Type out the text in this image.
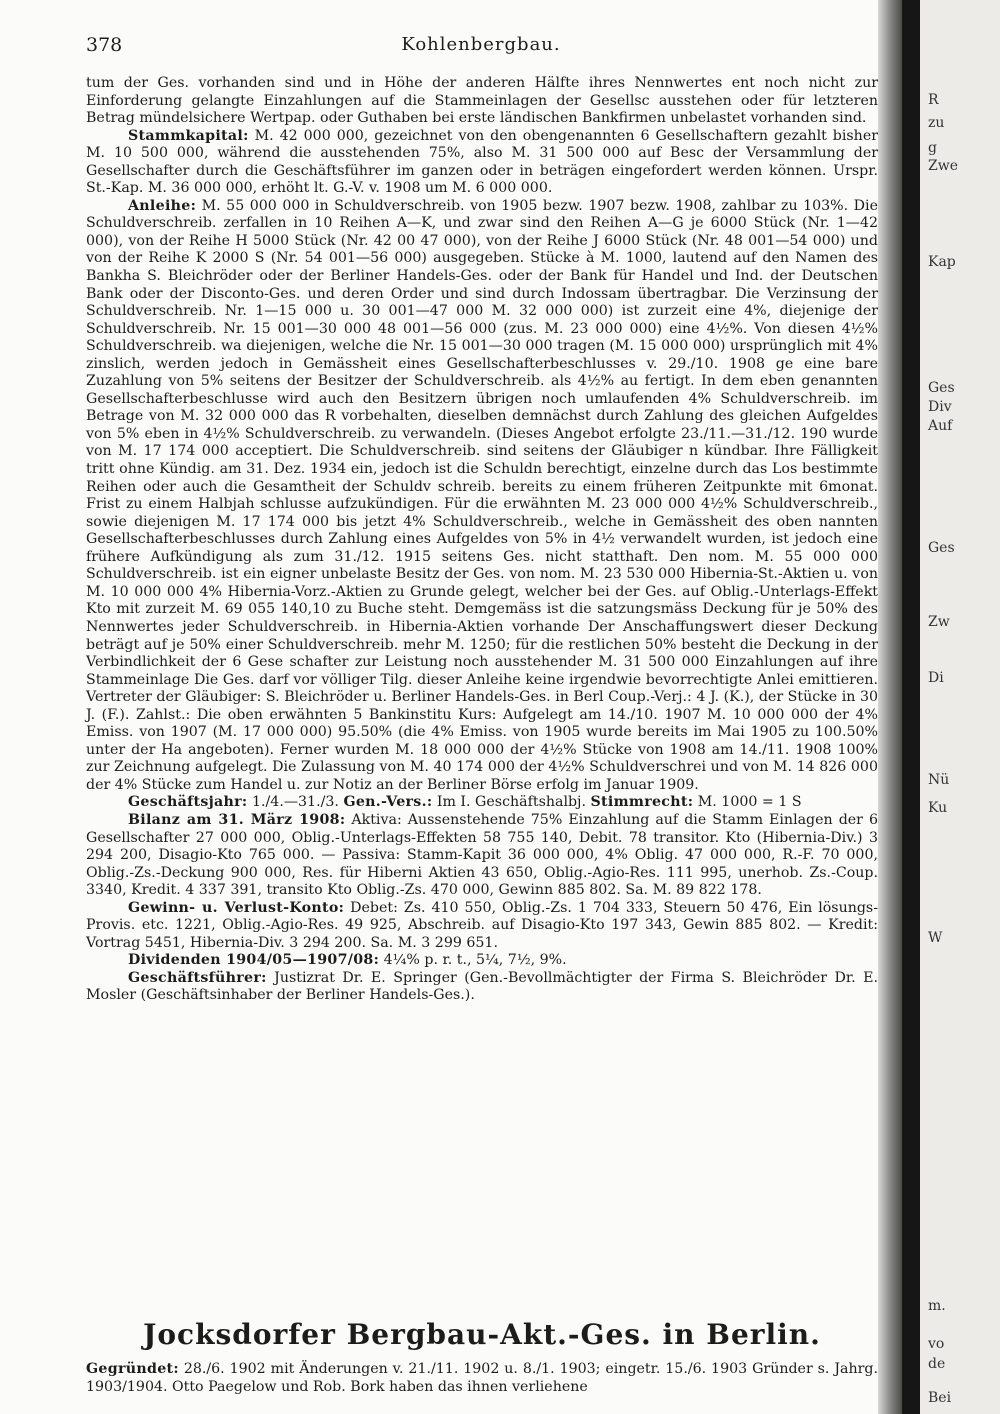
378	Kohlenbergbau.

tum der Ges. vorhanden sind und in Höhe der anderen Hälfte ihres Nennwertes ent noch nicht zur Einforderung gelangte Einzahlungen auf die Stammeinlagen der Gesellsc ausstehen oder für letzteren Betrag mündelsichere Wertpap. oder Guthaben bei erste ländischen Bankfirmen unbelastet vorhanden sind.

Stammkapital: M. 42 000 000, gezeichnet von den obengenannten 6 Gesellschaftern gezahlt bisher M. 10 500 000, während die ausstehenden 75%, also M. 31 500 000 auf Besc der Versammlung der Gesellschafter durch die Geschäftsführer im ganzen oder in beträgen eingefordert werden können. Urspr. St.-Kap. M. 36 000 000, erhöht lt. G.-V. v. 1908 um M. 6 000 000.

Anleihe: M. 55 000 000 in Schuldverschreib. von 1905 bezw. 1907 bezw. 1908, zahlbar zu 103%. Die Schuldverschreib. zerfallen in 10 Reihen A—K, und zwar sind den Reihen A—G je 6000 Stück (Nr. 1—42 000), von der Reihe H 5000 Stück (Nr. 42 00 47 000), von der Reihe J 6000 Stück (Nr. 48 001—54 000) und von der Reihe K 2000 S (Nr. 54 001—56 000) ausgegeben. Stücke à M. 1000, lautend auf den Namen des Bankha S. Bleichröder oder der Berliner Handels-Ges. oder der Bank für Handel und Ind. der Deutschen Bank oder der Disconto-Ges. und deren Order und sind durch Indossam übertragbar. Die Verzinsung der Schuldverschreib. Nr. 1—15 000 u. 30 001—47 000 M. 32 000 000) ist zurzeit eine 4%, diejenige der Schuldverschreib. Nr. 15 001—30 000 48 001—56 000 (zus. M. 23 000 000) eine 4½%. Von diesen 4½% Schuldverschreib. wa diejenigen, welche die Nr. 15 001—30 000 tragen (M. 15 000 000) ursprünglich mit 4% zinslich, werden jedoch in Gemässheit eines Gesellschafterbeschlusses v. 29./10. 1908 ge eine bare Zuzahlung von 5% seitens der Besitzer der Schuldverschreib. als 4½% au fertigt. In dem eben genannten Gesellschafterbeschlusse wird auch den Besitzern übrigen noch umlaufenden 4% Schuldverschreib. im Betrage von M. 32 000 000 das R vorbehalten, dieselben demnächst durch Zahlung des gleichen Aufgeldes von 5% eben in 4½% Schuldverschreib. zu verwandeln. (Dieses Angebot erfolgte 23./11.—31./12. 190 wurde von M. 17 174 000 acceptiert. Die Schuldverschreib. sind seitens der Gläubiger n kündbar. Ihre Fälligkeit tritt ohne Kündig. am 31. Dez. 1934 ein, jedoch ist die Schuldn berechtigt, einzelne durch das Los bestimmte Reihen oder auch die Gesamtheit der Schuldv schreib. bereits zu einem früheren Zeitpunkte mit 6monat. Frist zu einem Halbjah schlusse aufzukündigen. Für die erwähnten M. 23 000 000 4½% Schuldverschreib., sowie diejenigen M. 17 174 000 bis jetzt 4% Schuldverschreib., welche in Gemässheit des oben nannten Gesellschafterbeschlusses durch Zahlung eines Aufgeldes von 5% in 4½ verwandelt wurden, ist jedoch eine frühere Aufkündigung als zum 31./12. 1915 seitens Ges. nicht statthaft. Den nom. M. 55 000 000 Schuldverschreib. ist ein eigner unbelaste Besitz der Ges. von nom. M. 23 530 000 Hibernia-St.-Aktien u. von M. 10 000 000 4% Hibernia-Vorz.-Aktien zu Grunde gelegt, welcher bei der Ges. auf Oblig.-Unterlags-Effekt Kto mit zurzeit M. 69 055 140,10 zu Buche steht. Demgemäss ist die satzungsmäss Deckung für je 50% des Nennwertes jeder Schuldverschreib. in Hibernia-Aktien vorhande Der Anschaffungswert dieser Deckung beträgt auf je 50% einer Schuldverschreib. mehr M. 1250; für die restlichen 50% besteht die Deckung in der Verbindlichkeit der 6 Gese schafter zur Leistung noch ausstehender M. 31 500 000 Einzahlungen auf ihre Stammeinlage Die Ges. darf vor völliger Tilg. dieser Anleihe keine irgendwie bevorrechtigte Anlei emittieren. Vertreter der Gläubiger: S. Bleichröder u. Berliner Handels-Ges. in Berl Coup.-Verj.: 4 J. (K.), der Stücke in 30 J. (F.). Zahlst.: Die oben erwähnten 5 Bankinstitu Kurs: Aufgelegt am 14./10. 1907 M. 10 000 000 der 4% Emiss. von 1907 (M. 17 000 000) 95.50% (die 4% Emiss. von 1905 wurde bereits im Mai 1905 zu 100.50% unter der Ha angeboten). Ferner wurden M. 18 000 000 der 4½% Stücke von 1908 am 14./11. 1908 100% zur Zeichnung aufgelegt. Die Zulassung von M. 40 174 000 der 4½% Schuldverschrei und von M. 14 826 000 der 4% Stücke zum Handel u. zur Notiz an der Berliner Börse erfolg im Januar 1909.

Geschäftsjahr: 1./4.—31./3. Gen.-Vers.: Im I. Geschäftshalbj. Stimmrecht: M. 1000 = 1 S

Bilanz am 31. März 1908: Aktiva: Aussenstehende 75% Einzahlung auf die Stamm Einlagen der 6 Gesellschafter 27 000 000, Oblig.-Unterlags-Effekten 58 755 140, Debit. 78 transitor. Kto (Hibernia-Div.) 3 294 200, Disagio-Kto 765 000. — Passiva: Stamm-Kapit 36 000 000, 4% Oblig. 47 000 000, R.-F. 70 000, Oblig.-Zs.-Deckung 900 000, Res. für Hiberni Aktien 43 650, Oblig.-Agio-Res. 111 995, unerhob. Zs.-Coup. 3340, Kredit. 4 337 391, transito Kto Oblig.-Zs. 470 000, Gewinn 885 802. Sa. M. 89 822 178.

Gewinn- u. Verlust-Konto: Debet: Zs. 410 550, Oblig.-Zs. 1 704 333, Steuern 50 476, Ein lösungs-Provis. etc. 1221, Oblig.-Agio-Res. 49 925, Abschreib. auf Disagio-Kto 197 343, Gewin 885 802. — Kredit: Vortrag 5451, Hibernia-Div. 3 294 200. Sa. M. 3 299 651.

Dividenden 1904/05—1907/08: 4¼% p. r. t., 5¼, 7½, 9%.

Geschäftsführer: Justizrat Dr. E. Springer (Gen.-Bevollmächtigter der Firma S. Bleichröder Dr. E. Mosler (Geschäftsinhaber der Berliner Handels-Ges.).

Jocksdorfer Bergbau-Akt.-Ges. in Berlin.
Gegründet: 28./6. 1902 mit Änderungen v. 21./11. 1902 u. 8./1. 1903; eingetr. 15./6. 1903 Gründer s. Jahrg. 1903/1904. Otto Paegelow und Rob. Bork haben das ihnen verliehene
R
zu
g
Zwe
Kap
Ges
Div
Auf
Ges
Zw
Di
Nü
Ku
W
m.
vo
de
Bei
